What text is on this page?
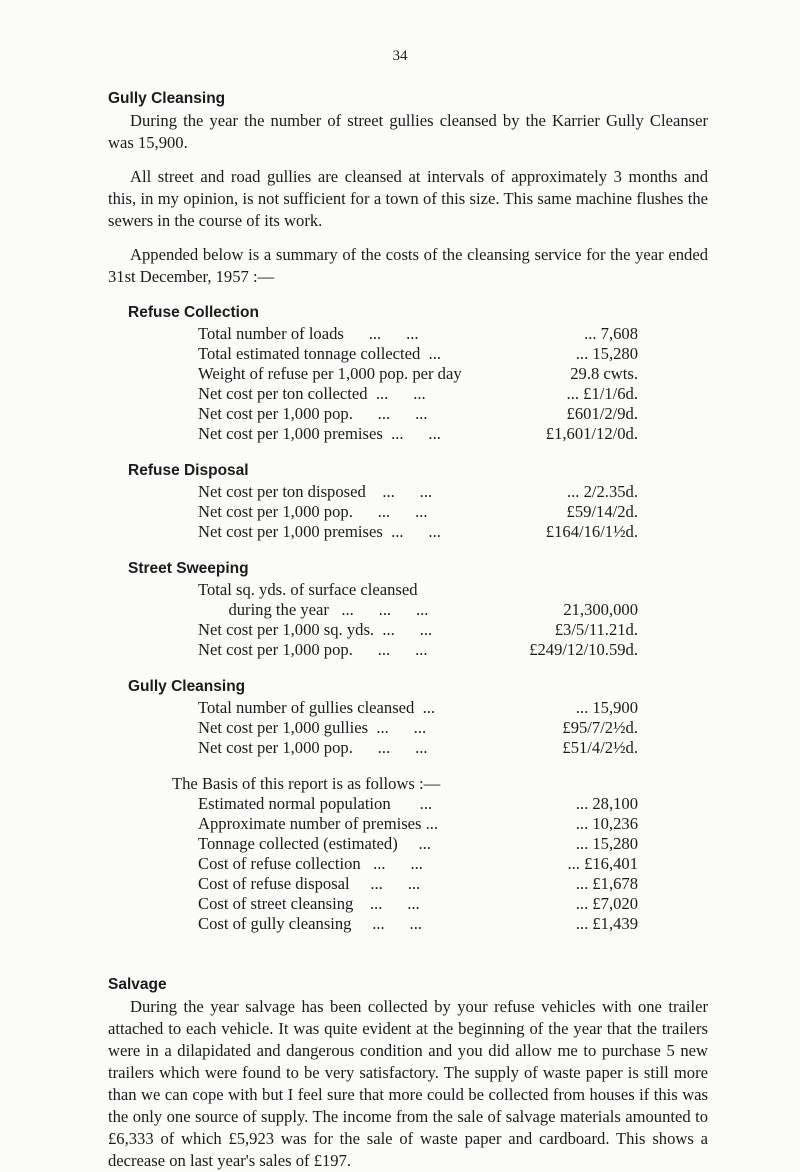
34
Gully Cleansing

During the year the number of street gullies cleansed by the Karrier Gully Cleanser was 15,900.

All street and road gullies are cleansed at intervals of approximately 3 months and this, in my opinion, is not sufficient for a town of this size. This same machine flushes the sewers in the course of its work.

Appended below is a summary of the costs of the cleansing service for the year ended 31st December, 1957 :—

Refuse Collection
Total number of loads      ...      ...	... 7,608
Total estimated tonnage collected  ...	... 15,280
Weight of refuse per 1,000 pop. per day	29.8 cwts.
Net cost per ton collected  ...      ...	... £1/1/6d.
Net cost per 1,000 pop.      ...      ...	£601/2/9d.
Net cost per 1,000 premises  ...      ...	£1,601/12/0d.
Refuse Disposal
Net cost per ton disposed    ...      ...	... 2/2.35d.
Net cost per 1,000 pop.      ...      ...	£59/14/2d.
Net cost per 1,000 premises  ...      ...	£164/16/1½d.
Street Sweeping
Total sq. yds. of surface cleansed
during the year   ...      ...      ...	21,300,000
Net cost per 1,000 sq. yds.  ...      ...	£3/5/11.21d.
Net cost per 1,000 pop.      ...      ...	£249/12/10.59d.
Gully Cleansing
Total number of gullies cleansed  ...	... 15,900
Net cost per 1,000 gullies  ...      ...	£95/7/2½d.
Net cost per 1,000 pop.      ...      ...	£51/4/2½d.
The Basis of this report is as follows :—
Estimated normal population       ...	... 28,100
Approximate number of premises ...	... 10,236
Tonnage collected (estimated)     ...	... 15,280
Cost of refuse collection   ...      ...	... £16,401
Cost of refuse disposal     ...      ...	... £1,678
Cost of street cleansing    ...      ...	... £7,020
Cost of gully cleansing     ...      ...	... £1,439
Salvage

During the year salvage has been collected by your refuse vehicles with one trailer attached to each vehicle. It was quite evident at the beginning of the year that the trailers were in a dilapidated and dangerous condition and you did allow me to purchase 5 new trailers which were found to be very satisfactory. The supply of waste paper is still more than we can cope with but I feel sure that more could be collected from houses if this was the only one source of supply. The income from the sale of salvage materials amounted to £6,333 of which £5,923 was for the sale of waste paper and cardboard. This shows a decrease on last year's sales of £197.
